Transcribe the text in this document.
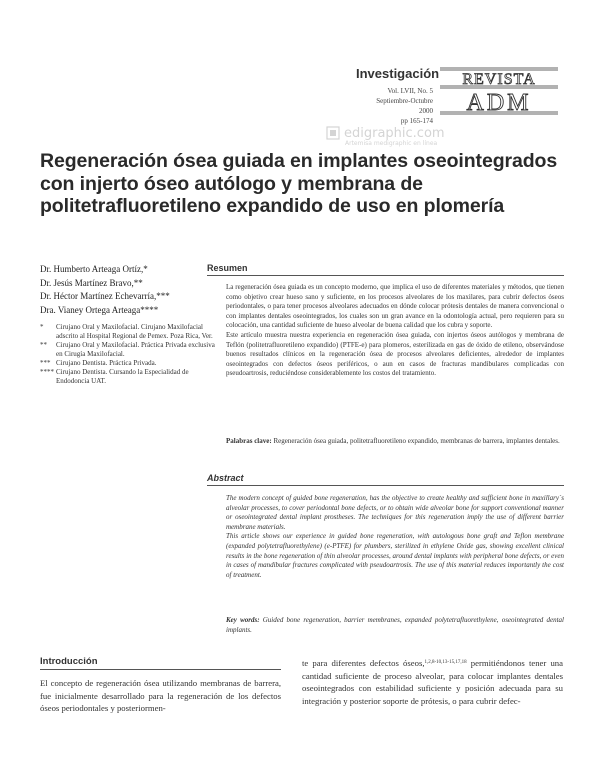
Investigación
Vol. LVII, No. 5
Septiembre-Octubre 2000
pp 165-174
REVISTA
ADM
edigraphic.com
Artemisa medigraphic en línea
Regeneración ósea guiada en implantes oseointegrados con injerto óseo autólogo y membrana de politetrafluoretileno expandido de uso en plomería
Dr. Humberto Arteaga Ortíz,*
Dr. Jesús Martínez Bravo,**
Dr. Héctor Martínez Echevarría,***
Dra. Vianey Ortega Arteaga****
*	Cirujano Oral y Maxilofacial. Cirujano Maxilofacial adscrito al Hospital Regional de Pemex. Poza Rica, Ver.
**	Cirujano Oral y Maxilofacial. Práctica Privada exclusiva en Cirugía Maxilofacial.
*** Cirujano Dentista. Práctica Privada.
**** Cirujano Dentista. Cursando la Especialidad de Endodoncia UAT.
Resumen

La regeneración ósea guiada es un concepto moderno, que implica el uso de diferentes materiales y métodos, que tienen como objetivo crear hueso sano y suficiente, en los procesos alveolares de los maxilares, para cubrir defectos óseos periodontales, o para tener procesos alveolares adecuados en dónde colocar prótesis dentales de manera convencional o con implantes dentales oseointegrados, los cuales son un gran avance en la odontología actual, pero requieren para su colocación, una cantidad suficiente de hueso alveolar de buena calidad que los cubra y soporte.

Este artículo muestra nuestra experiencia en regeneración ósea guiada, con injertos óseos autólogos y membrana de Teflón (politetrafluoretileno expandido) (PTFE-e) para plomeros, esterilizada en gas de óxido de etileno, observándose buenos resultados clínicos en la regeneración ósea de procesos alveolares deficientes, alrededor de implantes oseointegrados con defectos óseos periféricos, o aun en casos de fracturas mandibulares complicadas con pseudoartrosis, reduciéndose considerablemente los costos del tratamiento.

Palabras clave: Regeneración ósea guiada, politetrafluoretileno expandido, membranas de barrera, implantes dentales.
Abstract

The modern concept of guided bone regeneration, has the objective to create healthy and sufficient bone in maxillary´s alveolar processes, to cover periodontal bone defects, or to obtain wide alveolar bone for support conventional manner or oseointegrated dental implant prostheses. The techniques for this regeneration imply the use of different barrier membrane materials.

This article shows our experience in guided bone regeneration, with autologous bone graft and Teflon membrane (expanded polytetrafluorethylene) (e-PTFE) for plumbers, sterilized in ethylene Oxide gas, showing excellent clinical results in the bone regeneration of thin alveolar processes, around dental implants with peripheral bone defects, or even in cases of mandibular fractures complicated with pseudoartrosis. The use of this material reduces importantly the cost of treatment.

Key words: Guided bone regeneration, barrier membranes, expanded polytetrafluorethylene, oseointegrated dental implants.
Introducción
El concepto de regeneración ósea utilizando membranas de barrera, fue inicialmente desarrollado para la regeneración de los defectos óseos periodontales y posteriormen-
te para diferentes defectos óseos,$^{1,2,8-10,13-15,17,18}$ permitiéndonos tener una cantidad suficiente de proceso alveolar, para colocar implantes dentales oseointegrados con estabilidad suficiente y posición adecuada para su integración y posterior soporte de prótesis, o para cubrir defec-
